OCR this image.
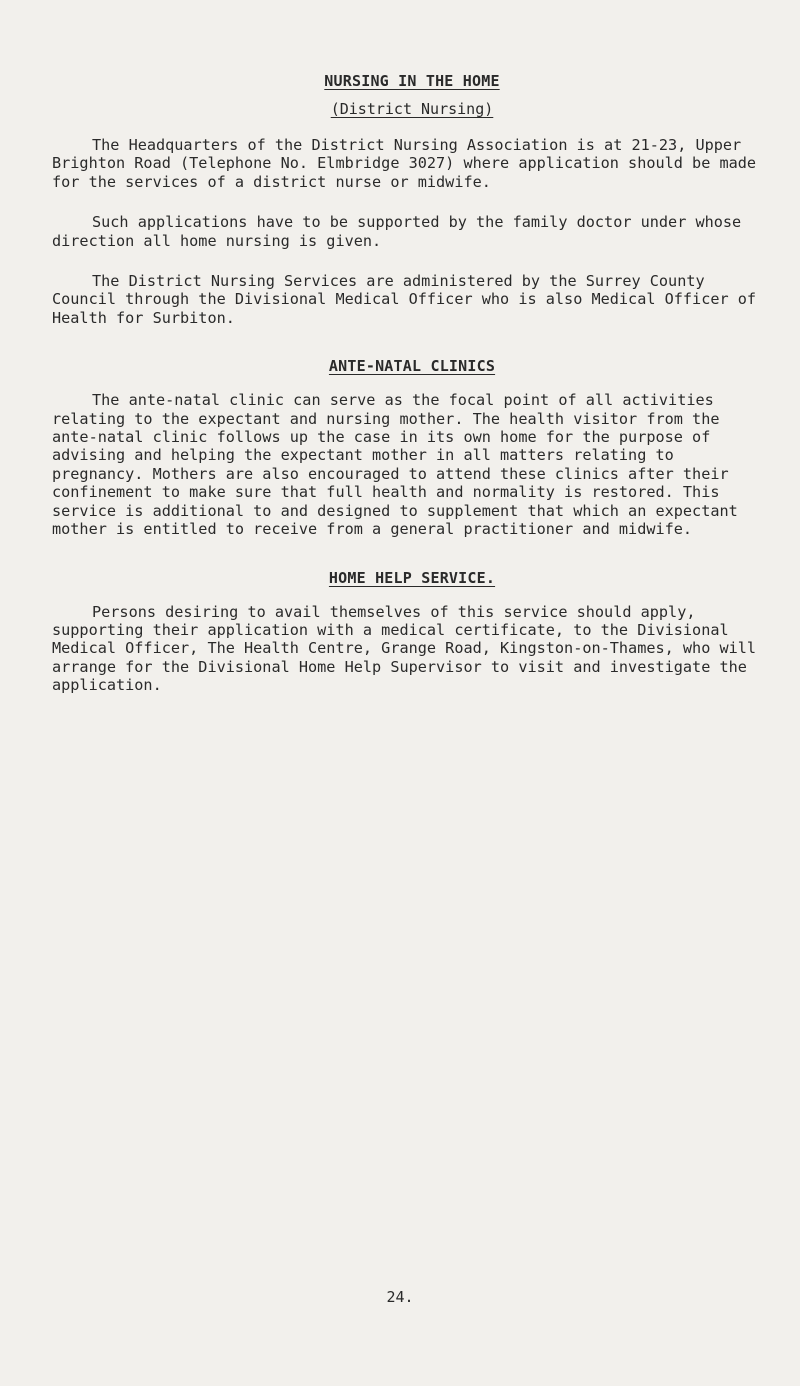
NURSING IN THE HOME
(District Nursing)

The Headquarters of the District Nursing Association is at 21-23, Upper Brighton Road (Telephone No. Elmbridge 3027) where application should be made for the services of a district nurse or midwife.

Such applications have to be supported by the family doctor under whose direction all home nursing is given.

The District Nursing Services are administered by the Surrey County Council through the Divisional Medical Officer who is also Medical Officer of Health for Surbiton.

ANTE-NATAL CLINICS

The ante-natal clinic can serve as the focal point of all activities relating to the expectant and nursing mother. The health visitor from the ante-natal clinic follows up the case in its own home for the purpose of advising and helping the expectant mother in all matters relating to pregnancy. Mothers are also encouraged to attend these clinics after their confinement to make sure that full health and normality is restored. This service is additional to and designed to supplement that which an expectant mother is entitled to receive from a general practitioner and midwife.

HOME HELP SERVICE.

Persons desiring to avail themselves of this service should apply, supporting their application with a medical certificate, to the Divisional Medical Officer, The Health Centre, Grange Road, Kingston-on-Thames, who will arrange for the Divisional Home Help Supervisor to visit and investigate the application.

24.
